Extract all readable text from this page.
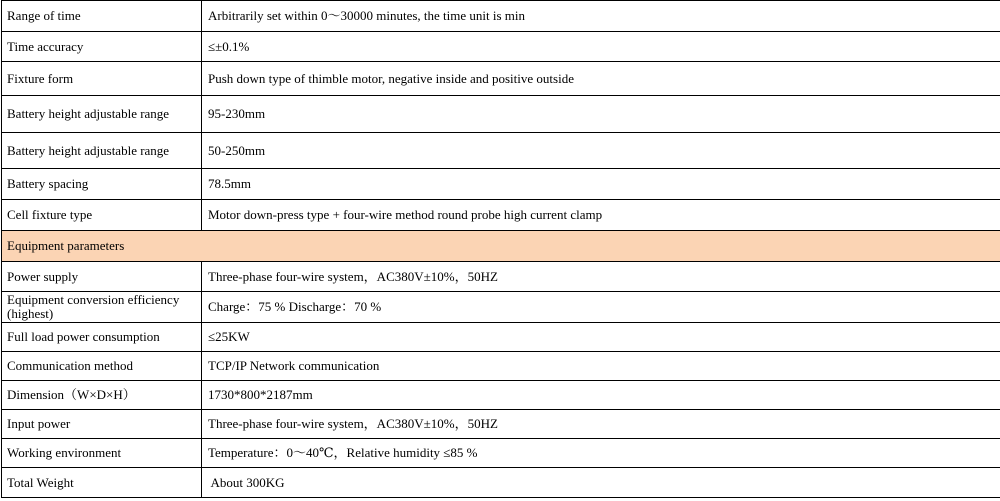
Range of time	Arbitrarily set within 0～30000 minutes, the time unit is min
Time accuracy	≤±0.1%
Fixture form	Push down type of thimble motor, negative inside and positive outside
Battery height adjustable range	95-230mm
Battery height adjustable range	50-250mm
Battery spacing	78.5mm
Cell fixture type	Motor down-press type + four-wire method round probe high current clamp
Equipment parameters	
Power supply	Three-phase four-wire system，AC380V±10%，50HZ
Equipment conversion efficiency (highest)	Charge：75 % Discharge：70 %
Full load power consumption	≤25KW
Communication method	TCP/IP Network communication
Dimension（W×D×H）	1730*800*2187mm
Input power	Three-phase four-wire system，AC380V±10%，50HZ
Working environment	Temperature：0～40℃，Relative humidity ≤85 %
Total Weight	About 300KG
